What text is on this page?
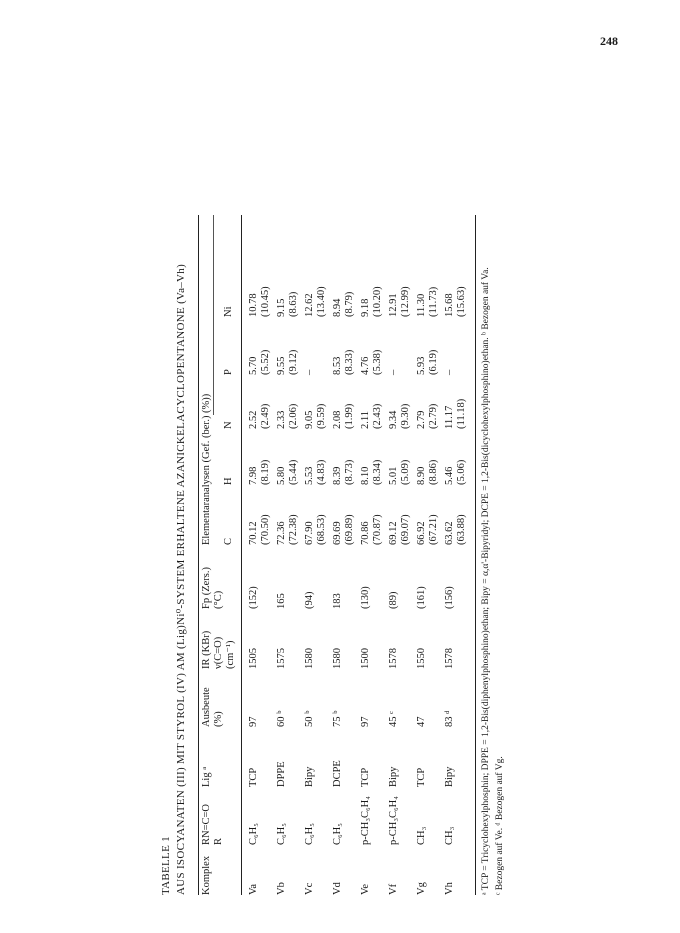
248
TABELLE 1 AUS ISOCYANATEN (III) MIT STYROL (IV) AM (Lig)Ni⁰-SYSTEM ERHALTENE AZANICKELACYCLOPENTANONE (Va–Vh) Komplex
RN=C=O R
Lig ᵃ
Ausbeute (%)
IR (KBr) ν(C=O) (cm⁻¹)
Fp (Zers.) (°C)
Elementaranalysen (Gef. (ber.) (%)) C
H
N
P
Ni
Va
C₆H₅
TCP
97
1505
(152)
70.12 (70.50)
7.98 (8.19)
2.52 (2.49)
5.70 (5.52)
10.78 (10.45)
Vb
C₆H₅
DPPE
60 ᵇ
1575
165
72.36 (72.38)
5.80 (5.44)
2.33 (2.06)
9.55 (9.12)
9.15 (8.63)
Vc
C₆H₅
Bipy
50 ᵇ
1580
(94)
67.90 (68.53)
5.53 (4.83)
9.05 (9.59)
–
12.62 (13.40)
Vd
C₆H₅
DCPE
75 ᵇ
1580
183
69.69 (69.89)
8.39 (8.73)
2.08 (1.99)
8.53 (8.33)
8.94 (8.79)
Ve
p-CH₃C₆H₄
TCP
97
1500
(130)
70.86 (70.87)
8.10 (8.34)
2.11 (2.43)
4.76 (5.38)
9.18 (10.20)
Vf
p-CH₃C₆H₄
Bipy
45 ᶜ
1578
(89)
69.12 (69.07)
5.01 (5.09)
9.34 (9.30)
–
12.91 (12.99)
Vg
CH₃
TCP
47
1550
(161)
66.92 (67.21)
8.90 (8.86)
2.79 (2.79)
5.93 (6.19)
11.30 (11.73)
Vh
CH₃
Bipy
83 ᵈ
1578
(156)
63.62 (63.88)
5.46 (5.06)
11.17 (11.18)
–
15.68 (15.63) ᵃ TCP = Tricyclohexylphosphin; DPPE = 1,2-Bis(diphenylphosphino)ethan; Bipy = α,α'-Bipyridyl; DCPE = 1,2-Bis(dicyclohexylphosphino)ethan. ᵇ Bezogen auf Va. ᶜ Bezogen auf Ve. ᵈ Bezogen auf Vg.
